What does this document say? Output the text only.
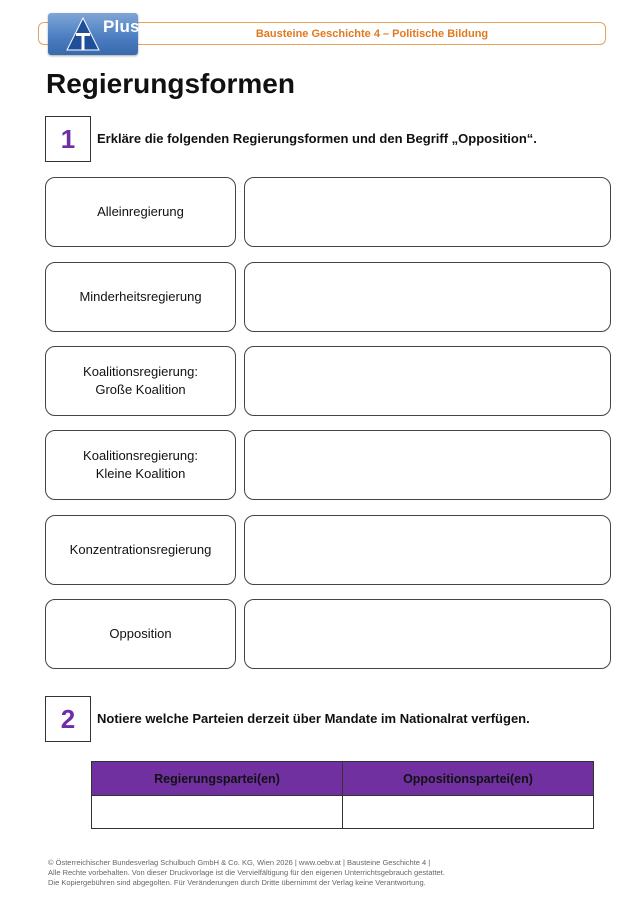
Bausteine Geschichte 4 – Politische Bildung
Plus
Regierungsformen
1	Erkläre die folgenden Regierungsformen und den Begriff „Opposition“.
Alleinregierung
Minderheitsregierung
Koalitionsregierung:
Große Koalition
Koalitionsregierung:
Kleine Koalition
Konzentrationsregierung
Opposition
2	Notiere welche Parteien derzeit über Mandate im Nationalrat verfügen.
Regierungspartei(en)	Oppositionspartei(en)

© Österreichischer Bundesverlag Schulbuch GmbH & Co. KG, Wien 2026 | www.oebv.at | Bausteine Geschichte 4 |
Alle Rechte vorbehalten. Von dieser Druckvorlage ist die Vervielfältigung für den eigenen Unterrichtsgebrauch gestattet.
Die Kopiergebühren sind abgegolten. Für Veränderungen durch Dritte übernimmt der Verlag keine Verantwortung.
